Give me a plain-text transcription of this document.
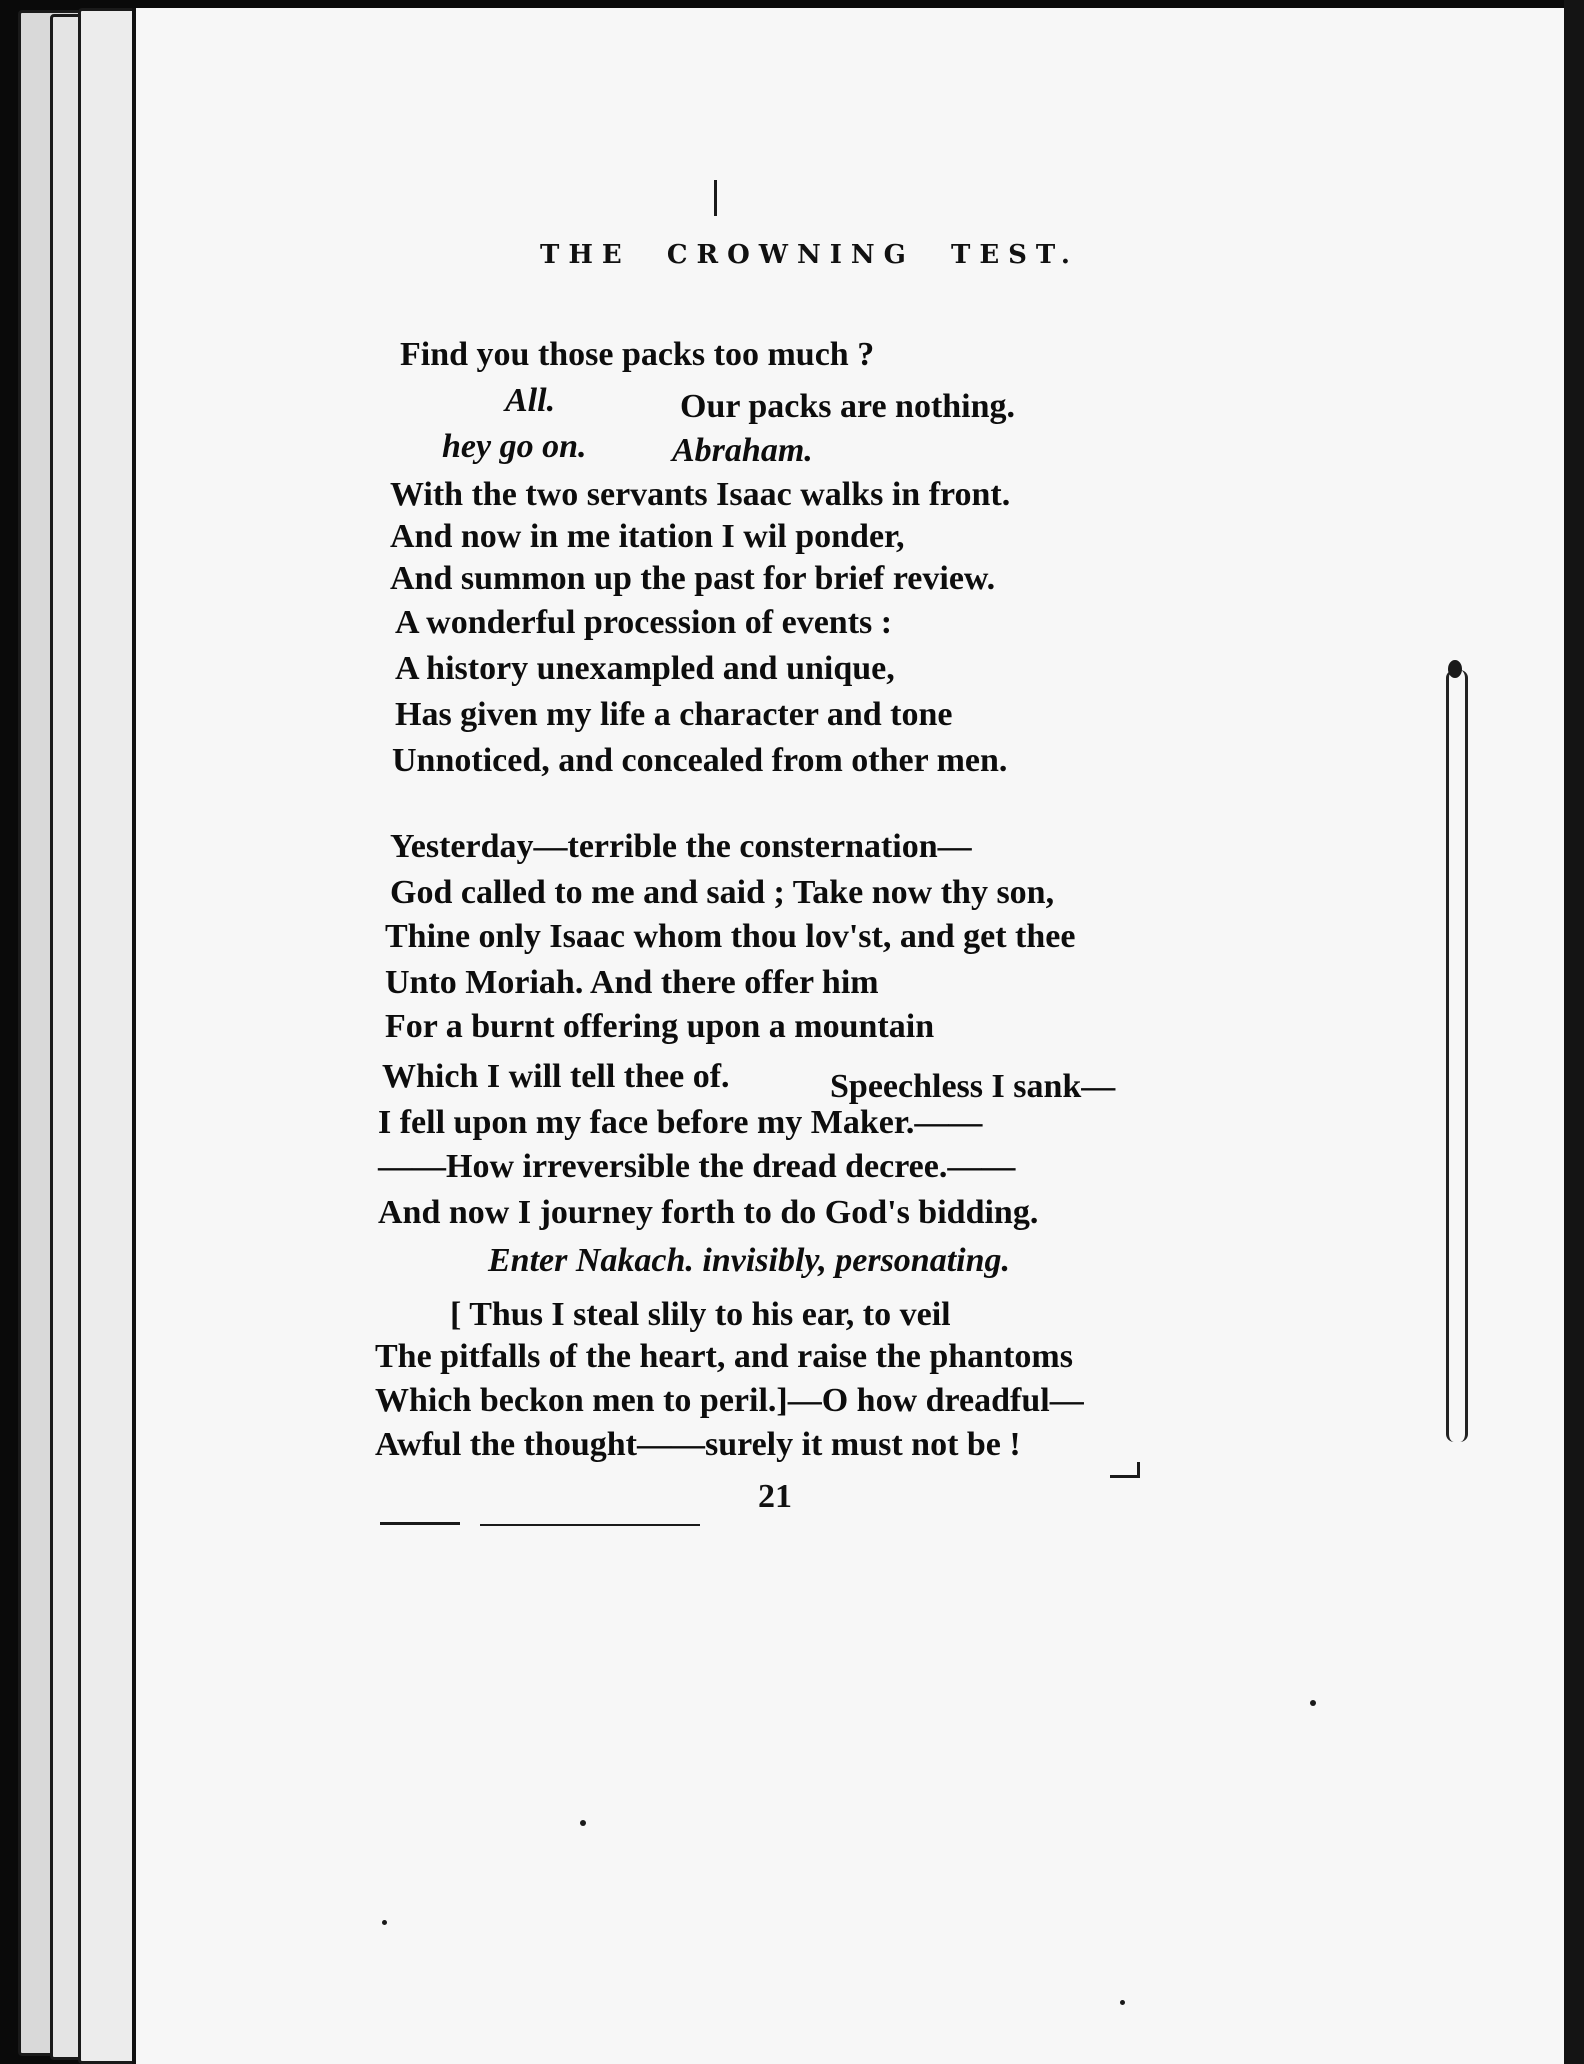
THE  CROWNING  TEST.
Find you those packs too much ?
All.	Our packs are nothing.
hey go on.	Abraham.
With the two servants Isaac walks in front.
And now in me itation I wil ponder,
And summon up the past for brief review.
A wonderful procession of events :
A history unexampled and unique,
Has given my life a character and tone
Unnoticed, and concealed from other men.
Yesterday—terrible the consternation—
God called to me and said ; Take now thy son,
Thine only Isaac whom thou lov'st, and get thee
Unto Moriah. And there offer him
For a burnt offering upon a mountain
Which I will tell thee of.	Speechless I sank—
I fell upon my face before my Maker.——
——How irreversible the dread decree.——
And now I journey forth to do God's bidding.
Enter Nakach. invisibly, personating.
[ Thus I steal slily to his ear, to veil
The pitfalls of the heart, and raise the phantoms
Which beckon men to peril.]—O how dreadful—
Awful the thought——surely it must not be !
21
